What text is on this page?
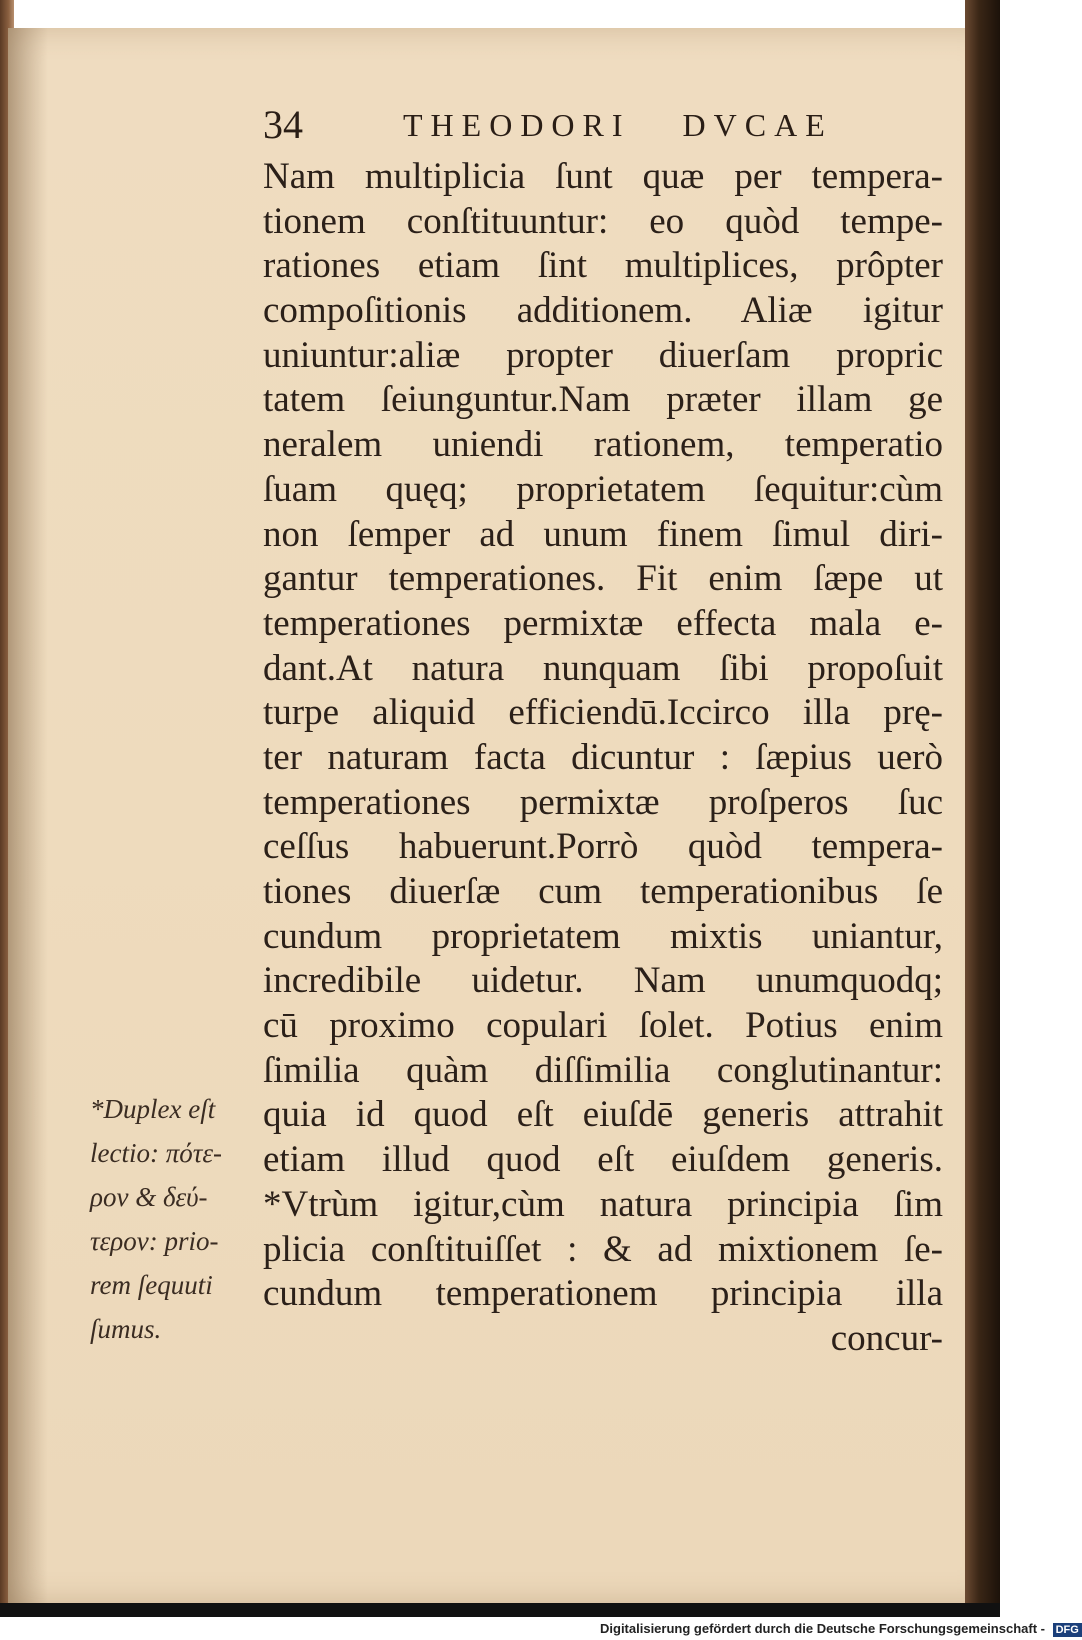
34	THEODORI DVCAE
Nam multiplicia ſunt quæ per tempera-
tionem conſtituuntur: eo quòd tempe-
rationes etiam ſint multiplices, prôpter
compoſitionis additionem. Aliæ igitur
uniuntur:aliæ propter diuerſam propric
tatem ſeiunguntur.Nam præter illam ge
neralem uniendi rationem, temperatio
ſuam quęq; proprietatem ſequitur:cùm
non ſemper ad unum finem ſimul diri-
gantur temperationes. Fit enim ſæpe ut
temperationes permixtæ effecta mala e-
dant.At natura nunquam ſibi propoſuit
turpe aliquid efficiendū.Iccirco illa prę-
ter naturam facta dicuntur : ſæpius uerò
temperationes permixtæ proſperos ſuc
ceſſus habuerunt.Porrò quòd tempera-
tiones diuerſæ cum temperationibus ſe
cundum proprietatem mixtis uniantur,
incredibile uidetur. Nam unumquodq;
cū proximo copulari ſolet. Potius enim
ſimilia quàm diſſimilia conglutinantur:
quia id quod eſt eiuſdē generis attrahit
etiam illud quod eſt eiuſdem generis.
*Vtrùm igitur,cùm natura principia ſim
plicia conſtituiſſet : & ad mixtionem ſe-
cundum temperationem principia illa
concur-
*Duplex eſt
lectio: πότε-
ρον & δεύ-
τερον: prio-
rem ſequuti
ſumus.
Digitalisierung gefördert durch die Deutsche Forschungsgemeinschaft - DFG
